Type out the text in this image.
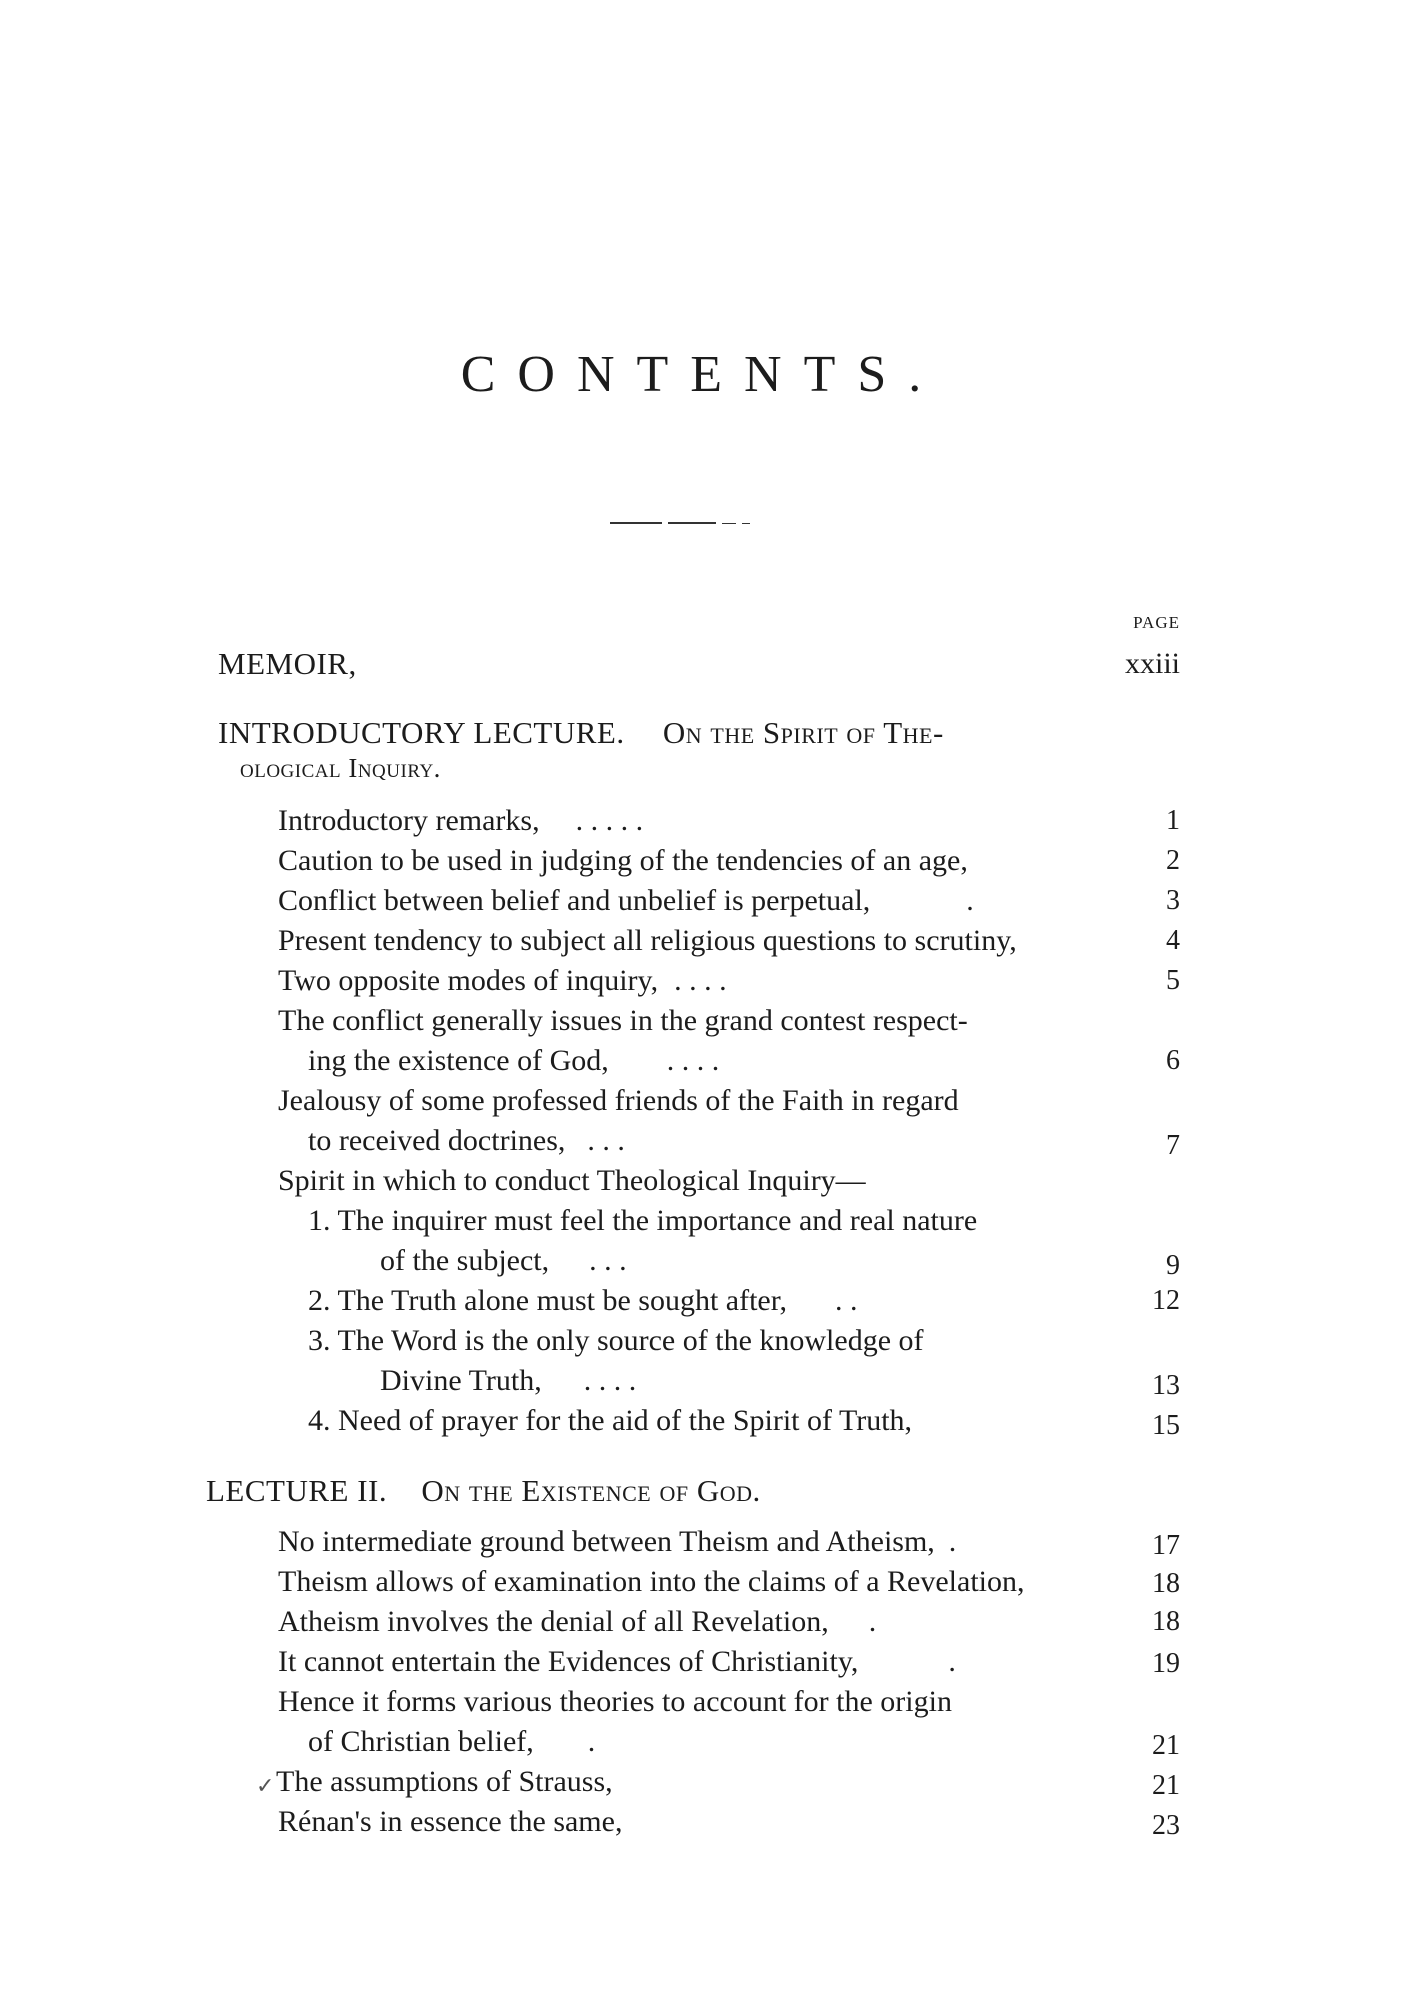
CONTENTS.
PAGE
MEMOIR,	xxiii
INTRODUCTORY LECTURE. On the Spirit of The-
ological Inquiry.
Introductory remarks, . . . . .	1
Caution to be used in judging of the tendencies of an age,	2
Conflict between belief and unbelief is perpetual,	.	3
Present tendency to subject all religious questions to scrutiny,	4
Two opposite modes of inquiry, . . . .	5
The conflict generally issues in the grand contest respect-
ing the existence of God, . . . .	6
Jealousy of some professed friends of the Faith in regard
to received doctrines, . . .	7
Spirit in which to conduct Theological Inquiry—
1. The inquirer must feel the importance and real nature
of the subject, . . .	9
2. The Truth alone must be sought after, . .	12
3. The Word is the only source of the knowledge of
Divine Truth, . . . .	13
4. Need of prayer for the aid of the Spirit of Truth,	15
LECTURE II. On the Existence of God.
No intermediate ground between Theism and Atheism, .	17
Theism allows of examination into the claims of a Revelation,	18
Atheism involves the denial of all Revelation, .	18
It cannot entertain the Evidences of Christianity,	.	19
Hence it forms various theories to account for the origin
of Christian belief, .	21
✓ The assumptions of Strauss,	21
Rénan's in essence the same,	23
